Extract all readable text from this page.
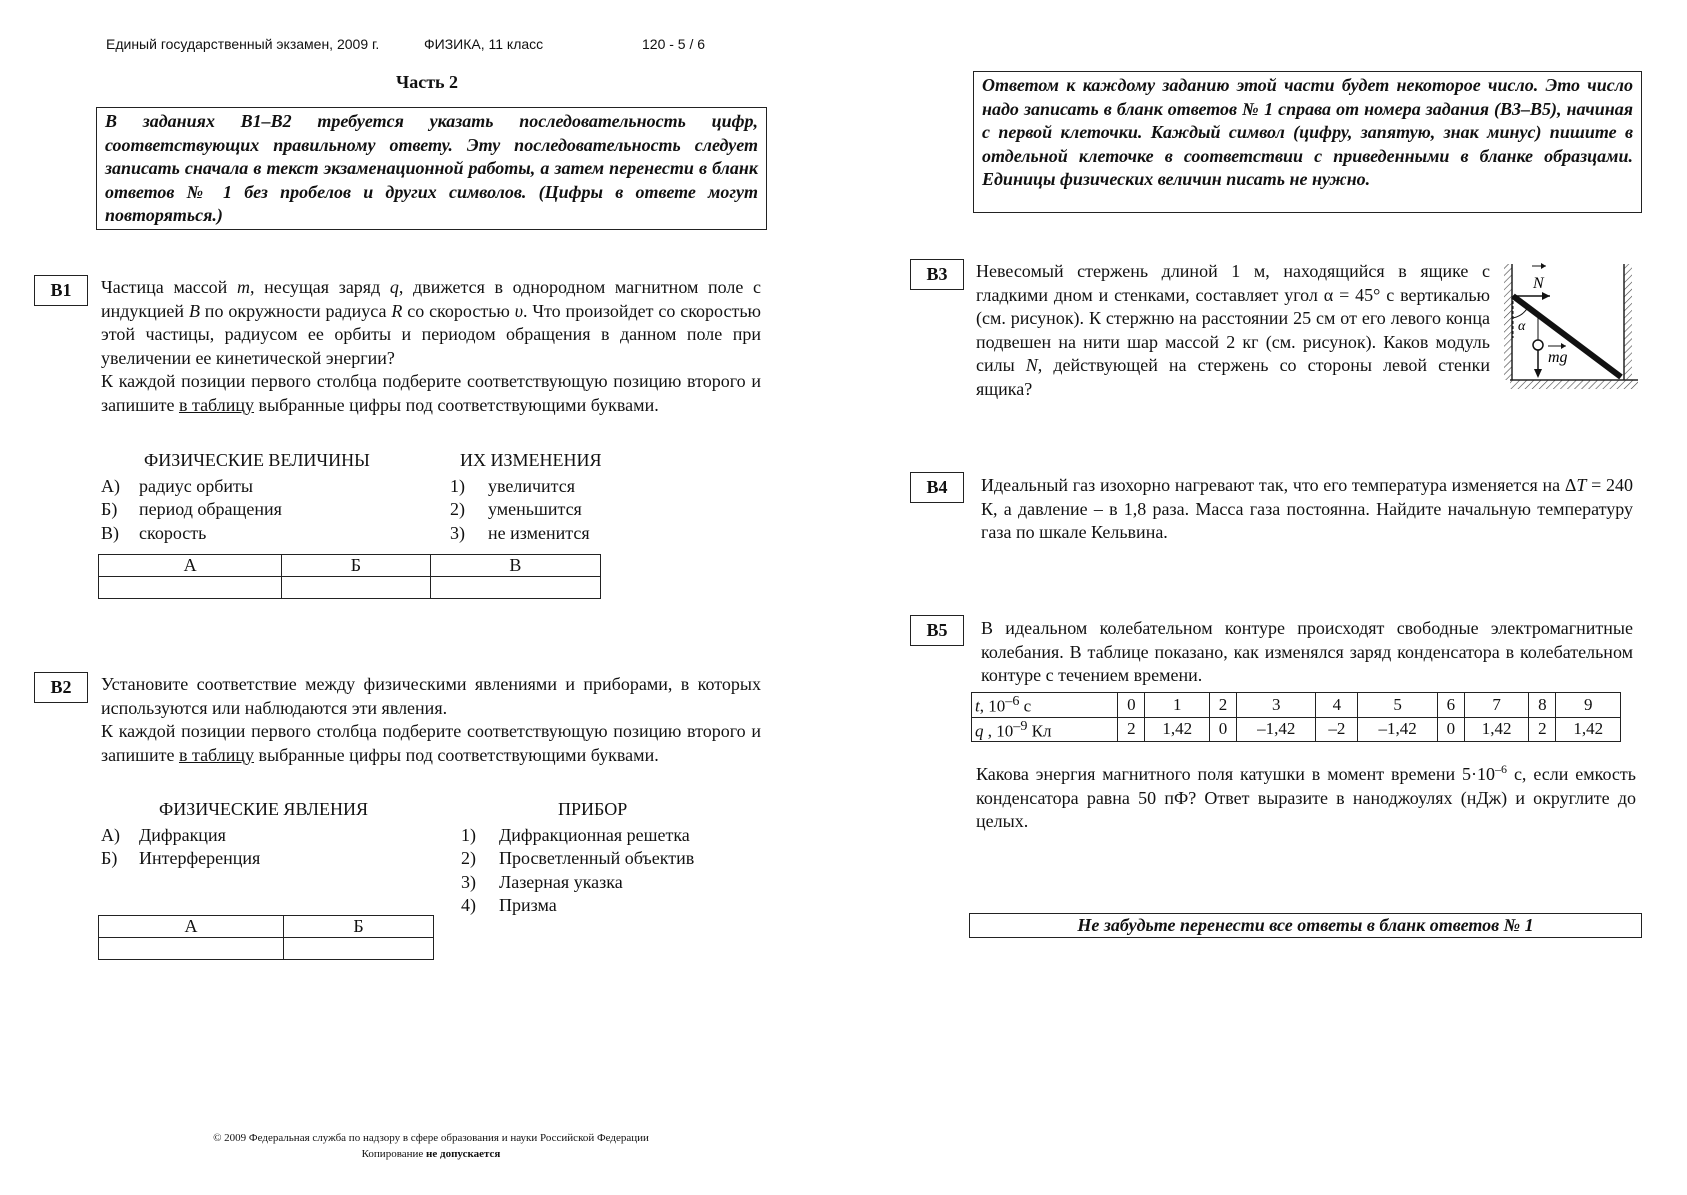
Единый государственный экзамен, 2009 г.	ФИЗИКА, 11 класс	120 - 5 / 6
Часть 2
В заданиях В1–В2 требуется указать последовательность цифр, соответствующих правильному ответу. Эту последовательность следует записать сначала в текст экзаменационной работы, а затем перенести в бланк ответов № 1 без пробелов и других символов. (Цифры в ответе могут повторяться.)
Ответом к каждому заданию этой части будет некоторое число. Это число надо записать в бланк ответов № 1 справа от номера задания (В3–В5), начиная с первой клеточки. Каждый символ (цифру, запятую, знак минус) пишите в отдельной клеточке в соответствии с приведенными в бланке образцами. Единицы физических величин писать не нужно.
В1	Частица массой m, несущая заряд q, движется в однородном магнитном поле с индукцией B по окружности радиуса R со скоростью υ. Что произойдет со скоростью этой частицы, радиусом ее орбиты и периодом обращения в данном поле при увеличении ее кинетической энергии?

К каждой позиции первого столбца подберите соответствующую позицию второго и запишите в таблицу выбранные цифры под соответствующими буквами.

ФИЗИЧЕСКИЕ ВЕЛИЧИНЫ
А)	радиус орбиты
Б)	период обращения
В)	скорость
ИХ ИЗМЕНЕНИЯ
1)	увеличится
2)	уменьшится
3)	не изменится
А	Б	В

В2	Установите соответствие между физическими явлениями и приборами, в которых используются или наблюдаются эти явления.

К каждой позиции первого столбца подберите соответствующую позицию второго и запишите в таблицу выбранные цифры под соответствующими буквами.

ФИЗИЧЕСКИЕ ЯВЛЕНИЯ
А)	Дифракция
Б)	Интерференция
ПРИБОР
1)	Дифракционная решетка
2)	Просветленный объектив
3)	Лазерная указка
4)	Призма
А	Б

В3	Невесомый стержень длиной 1 м, находящийся в ящике с гладкими дном и стенками, составляет угол α = 45° с вертикалью (см. рисунок). К стержню на расстоянии 25 см от его левого конца подвешен на нити шар массой 2 кг (см. рисунок). Каков модуль силы N, действующей на стержень со стороны левой стенки ящика?
α
N
mg
В4	Идеальный газ изохорно нагревают так, что его температура изменяется на ΔT = 240 К, а давление – в 1,8 раза. Масса газа постоянна. Найдите начальную температуру газа по шкале Кельвина.
В5	В идеальном колебательном контуре происходят свободные электромагнитные колебания. В таблице показано, как изменялся заряд конденсатора в колебательном контуре с течением времени.
t, $10^{-6}$ с	0	1	2	3	4	5	6	7	8	9
q , $10^{-9}$ Кл	2	1,42	0	–1,42	–2	–1,42	0	1,42	2	1,42
Какова энергия магнитного поля катушки в момент времени $5\cdot 10^{-6}$ с, если емкость конденсатора равна 50 пФ? Ответ выразите в наноджоулях (нДж) и округлите до целых.
Не забудьте перенести все ответы в бланк ответов № 1
© 2009 Федеральная служба по надзору в сфере образования и науки Российской Федерации
Копирование не допускается
